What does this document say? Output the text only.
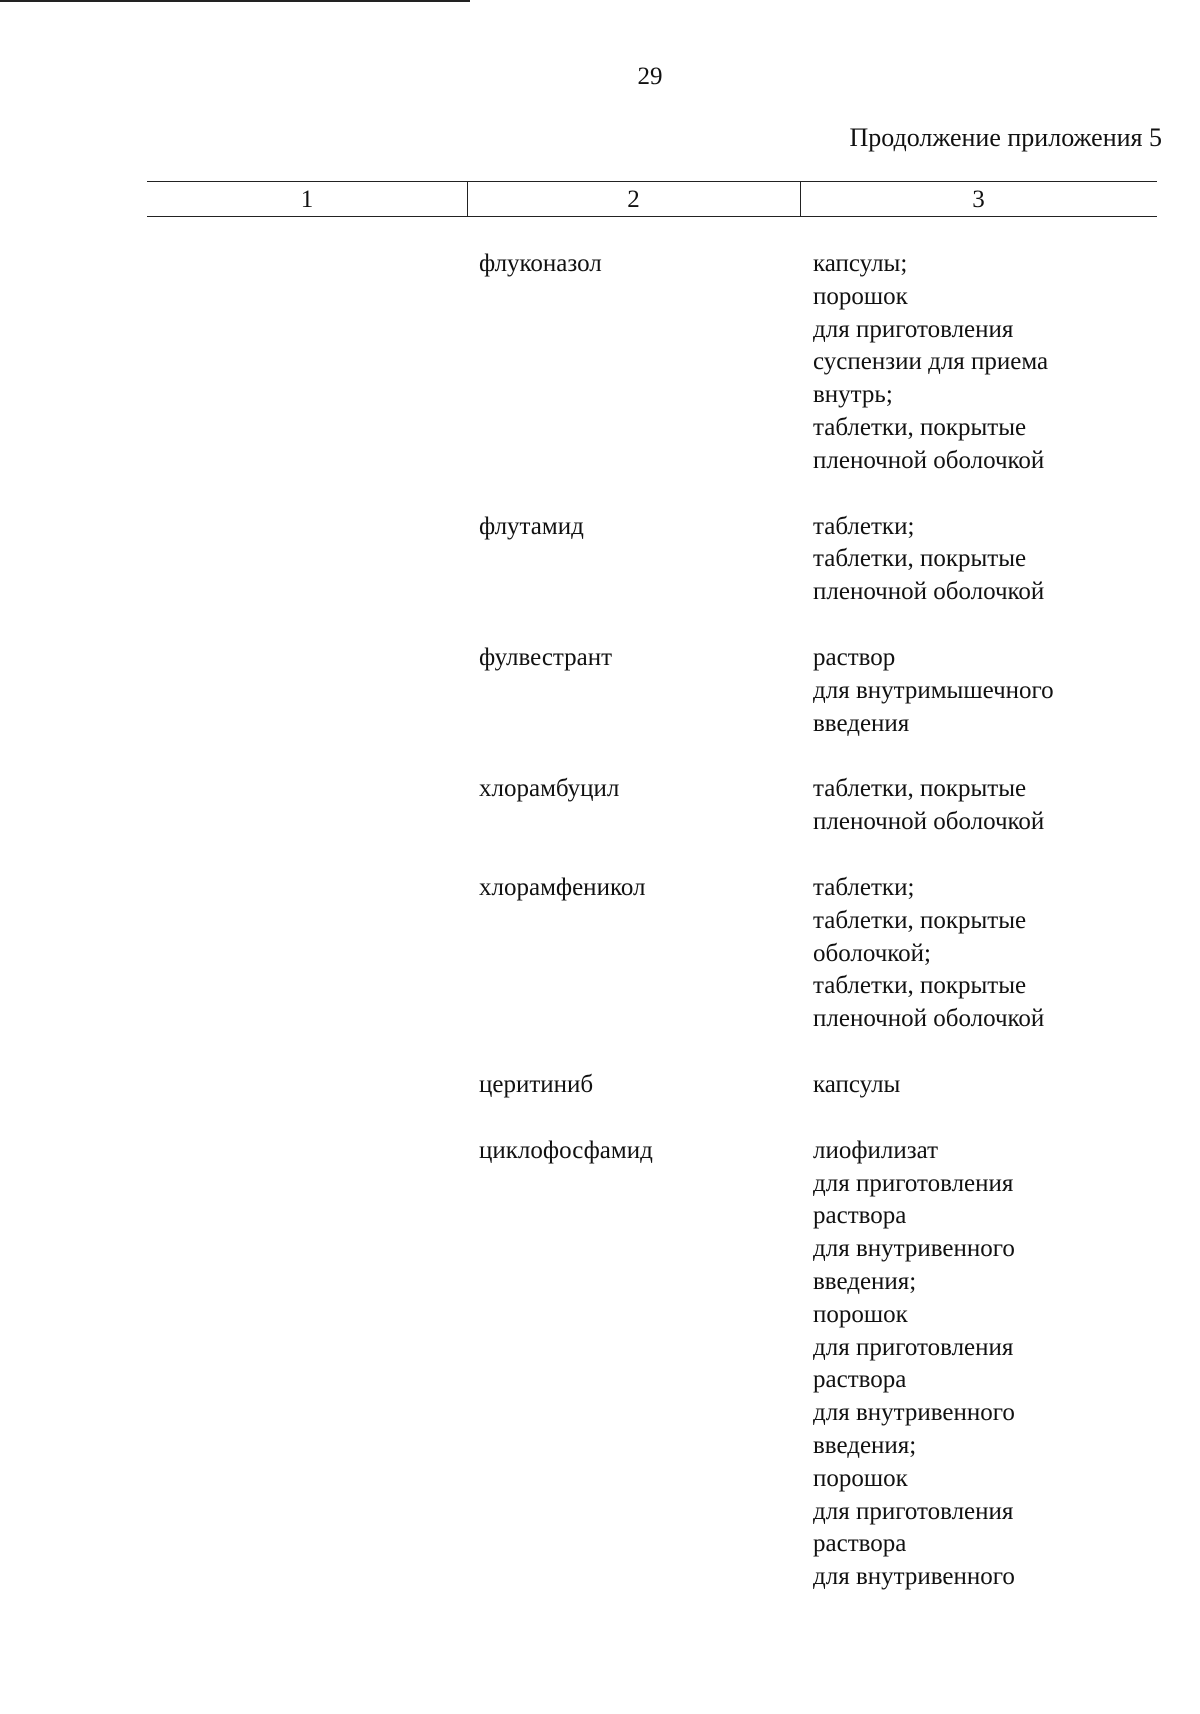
29
Продолжение приложения 5
1	2	3
флуконазол	капсулы;
порошок
для приготовления
суспензии для приема
внутрь;
таблетки, покрытые
пленочной оболочкой
флутамид	таблетки;
таблетки, покрытые
пленочной оболочкой
фулвестрант	раствор
для внутримышечного
введения
хлорамбуцил	таблетки, покрытые
пленочной оболочкой
хлорамфеникол	таблетки;
таблетки, покрытые
оболочкой;
таблетки, покрытые
пленочной оболочкой
церитиниб	капсулы
циклофосфамид	лиофилизат
для приготовления
раствора
для внутривенного
введения;
порошок
для приготовления
раствора
для внутривенного
введения;
порошок
для приготовления
раствора
для внутривенного
